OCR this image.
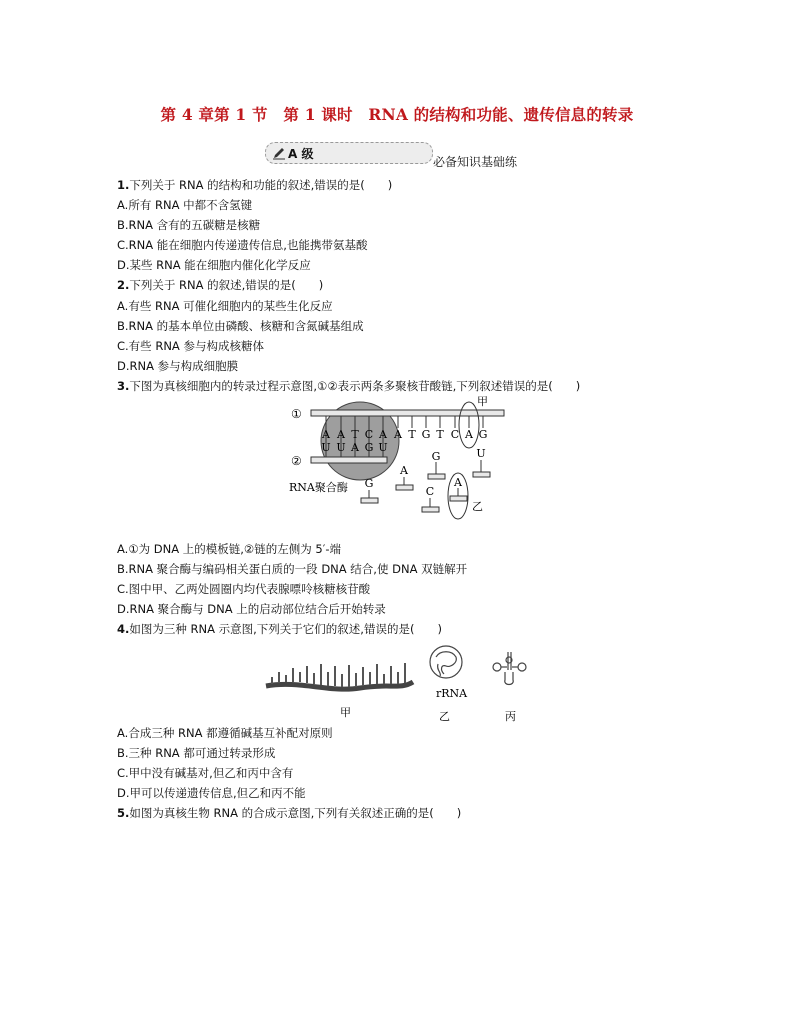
第 4 章第 1 节　第 1 课时　RNA 的结构和功能、遗传信息的转录
A 级
必备知识基础练
1.下列关于 RNA 的结构和功能的叙述,错误的是(　　)
A.所有 RNA 中都不含氢键
B.RNA 含有的五碳糖是核糖
C.RNA 能在细胞内传递遗传信息,也能携带氨基酸
D.某些 RNA 能在细胞内催化化学反应
2.下列关于 RNA 的叙述,错误的是(　　)
A.有些 RNA 可催化细胞内的某些生化反应
B.RNA 的基本单位由磷酸、核糖和含氮碱基组成
C.有些 RNA 参与构成核糖体
D.RNA 参与构成细胞膜
3.下图为真核细胞内的转录过程示意图,①②表示两条多聚核苷酸链,下列叙述错误的是(　　)
①
②
A A T C A A T G T C A G
U U A G U
甲
G	U
A
G
C
A
乙
RNA聚合酶
A.①为 DNA 上的模板链,②链的左侧为 5′-端
B.RNA 聚合酶与编码相关蛋白质的一段 DNA 结合,使 DNA 双链解开
C.图中甲、乙两处圆圈内均代表腺嘌呤核糖核苷酸
D.RNA 聚合酶与 DNA 上的启动部位结合后开始转录
4.如图为三种 RNA 示意图,下列关于它们的叙述,错误的是(　　)
rRNA
甲	乙	丙
A.合成三种 RNA 都遵循碱基互补配对原则
B.三种 RNA 都可通过转录形成
C.甲中没有碱基对,但乙和丙中含有
D.甲可以传递遗传信息,但乙和丙不能
5.如图为真核生物 RNA 的合成示意图,下列有关叙述正确的是(　　)
